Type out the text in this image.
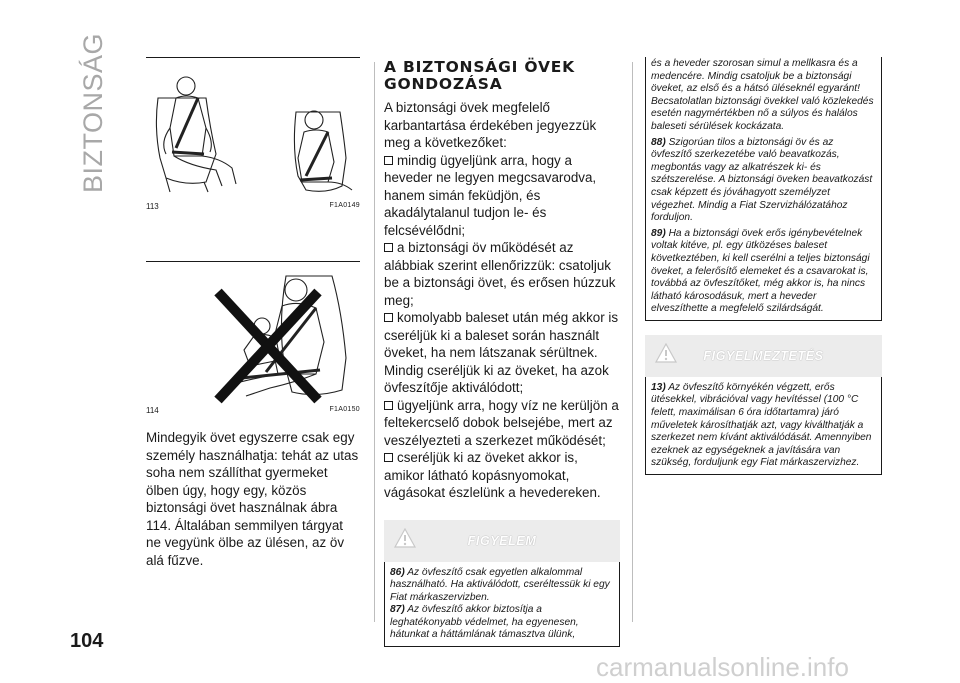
BIZTONSÁG
104
113	F1A0149
114	F1A0150

Mindegyik övet egyszerre csak egy személy használhatja: tehát az utas soha nem szállíthat gyermeket ölben úgy, hogy egy, közös biztonsági övet használnak ábra 114. Általában semmilyen tárgyat ne vegyünk ölbe az ülésen, az öv alá fűzve.

A BIZTONSÁGI ÖVEK
GONDOZÁSA
A biztonsági övek megfelelő karbantartása érdekében jegyezzük meg a következőket:
mindig ügyeljünk arra, hogy a heveder ne legyen megcsavarodva, hanem simán feküdjön, és akadálytalanul tudjon le- és felcsévélődni;
a biztonsági öv működését az alábbiak szerint ellenőrizzük: csatoljuk be a biztonsági övet, és erősen húzzuk meg;
komolyabb baleset után még akkor is cseréljük ki a baleset során használt öveket, ha nem látszanak sérültnek. Mindig cseréljük ki az öveket, ha azok övfeszítője aktiválódott;
ügyeljünk arra, hogy víz ne kerüljön a feltekercselő dobok belsejébe, mert az veszélyezteti a szerkezet működését;
cseréljük ki az öveket akkor is, amikor látható kopásnyomokat, vágásokat észlelünk a hevedereken.
FIGYELEM
86) Az övfeszítő csak egyetlen alkalommal használható. Ha aktiválódott, cseréltessük ki egy Fiat márkaszervizben.
87) Az övfeszítő akkor biztosítja a leghatékonyabb védelmet, ha egyenesen, hátunkat a háttámlának támasztva ülünk,
és a heveder szorosan simul a mellkasra és a medencére. Mindig csatoljuk be a biztonsági öveket, az első és a hátsó üléseknél egyaránt! Becsatolatlan biztonsági övekkel való közlekedés esetén nagymértékben nő a súlyos és halálos baleseti sérülések kockázata.
88) Szigorúan tilos a biztonsági öv és az övfeszítő szerkezetébe való beavatkozás, megbontás vagy az alkatrészek ki- és szétszerelése. A biztonsági öveken beavatkozást csak képzett és jóváhagyott személyzet végezhet. Mindig a Fiat Szervizhálózatához forduljon.
89) Ha a biztonsági övek erős igénybevételnek voltak kitéve, pl. egy ütközéses baleset következtében, ki kell cserélni a teljes biztonsági öveket, a felerősítő elemeket és a csavarokat is, továbbá az övfeszítőket, még akkor is, ha nincs látható károsodásuk, mert a heveder elveszíthette a megfelelő szilárdságát.
FIGYELMEZTETÉS
13) Az övfeszítő környékén végzett, erős ütésekkel, vibrációval vagy hevítéssel (100 °C felett, maximálisan 6 óra időtartamra) járó műveletek károsíthatják azt, vagy kiválthatják a szerkezet nem kívánt aktiválódását. Amennyiben ezeknek az egységeknek a javítására van szükség, forduljunk egy Fiat márkaszervizhez.
carmanualsonline.info
